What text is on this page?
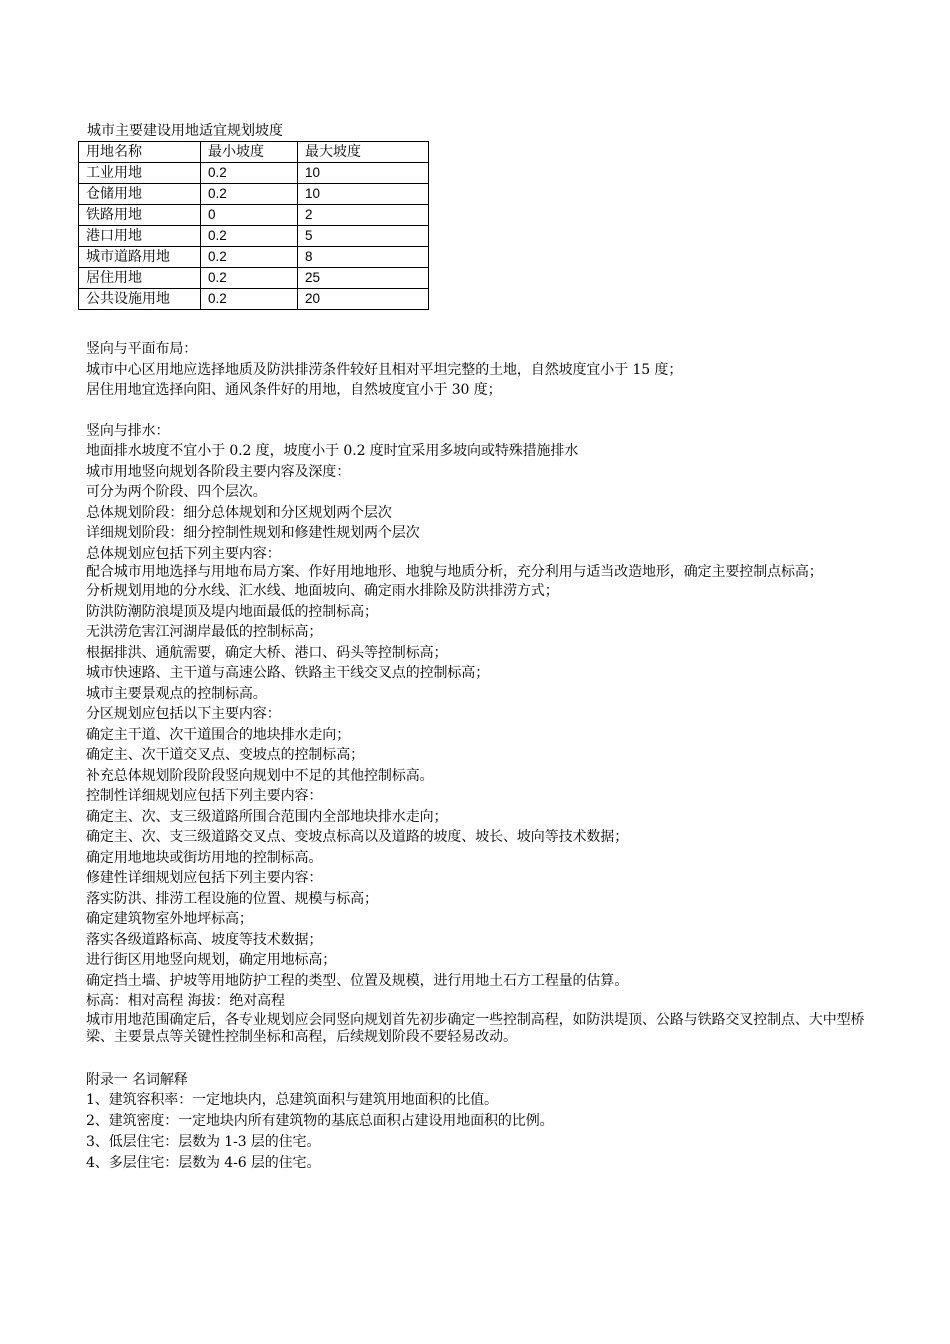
城市主要建设用地适宜规划坡度

用地名称	最小坡度	最大坡度
工业用地	0.2	10
仓储用地	0.2	10
铁路用地	0	2
港口用地	0.2	5
城市道路用地	0.2	8
居住用地	0.2	25
公共设施用地	0.2	20

竖向与平面布局：

城市中心区用地应选择地质及防洪排涝条件较好且相对平坦完整的土地，自然坡度宜小于 15 度；

居住用地宜选择向阳、通风条件好的用地，自然坡度宜小于 30 度；

竖向与排水：

地面排水坡度不宜小于 0.2 度，坡度小于 0.2 度时宜采用多坡向或特殊措施排水

城市用地竖向规划各阶段主要内容及深度：

可分为两个阶段、四个层次。

总体规划阶段：细分总体规划和分区规划两个层次

详细规划阶段：细分控制性规划和修建性规划两个层次

总体规划应包括下列主要内容：

配合城市用地选择与用地布局方案、作好用地地形、地貌与地质分析，充分利用与适当改造地形，确定主要控制点标高；

分析规划用地的分水线、汇水线、地面坡向、确定雨水排除及防洪排涝方式；

防洪防潮防浪堤顶及堤内地面最低的控制标高；

无洪涝危害江河湖岸最低的控制标高；

根据排洪、通航需要，确定大桥、港口、码头等控制标高；

城市快速路、主干道与高速公路、铁路主干线交叉点的控制标高；

城市主要景观点的控制标高。

分区规划应包括以下主要内容：

确定主干道、次干道围合的地块排水走向；

确定主、次干道交叉点、变坡点的控制标高；

补充总体规划阶段阶段竖向规划中不足的其他控制标高。

控制性详细规划应包括下列主要内容：

确定主、次、支三级道路所围合范围内全部地块排水走向；

确定主、次、支三级道路交叉点、变坡点标高以及道路的坡度、坡长、坡向等技术数据；

确定用地地块或街坊用地的控制标高。

修建性详细规划应包括下列主要内容：

落实防洪、排涝工程设施的位置、规模与标高；

确定建筑物室外地坪标高；

落实各级道路标高、坡度等技术数据；

进行街区用地竖向规划，确定用地标高；

确定挡土墙、护坡等用地防护工程的类型、位置及规模，进行用地土石方工程量的估算。

标高：相对高程 海拔：绝对高程

城市用地范围确定后，各专业规划应会同竖向规划首先初步确定一些控制高程，如防洪堤顶、公路与铁路交叉控制点、大中型桥梁、主要景点等关键性控制坐标和高程，后续规划阶段不要轻易改动。

附录一 名词解释

1、建筑容积率：一定地块内，总建筑面积与建筑用地面积的比值。

2、建筑密度：一定地块内所有建筑物的基底总面积占建设用地面积的比例。

3、低层住宅：层数为 1-3 层的住宅。

4、多层住宅：层数为 4-6 层的住宅。
